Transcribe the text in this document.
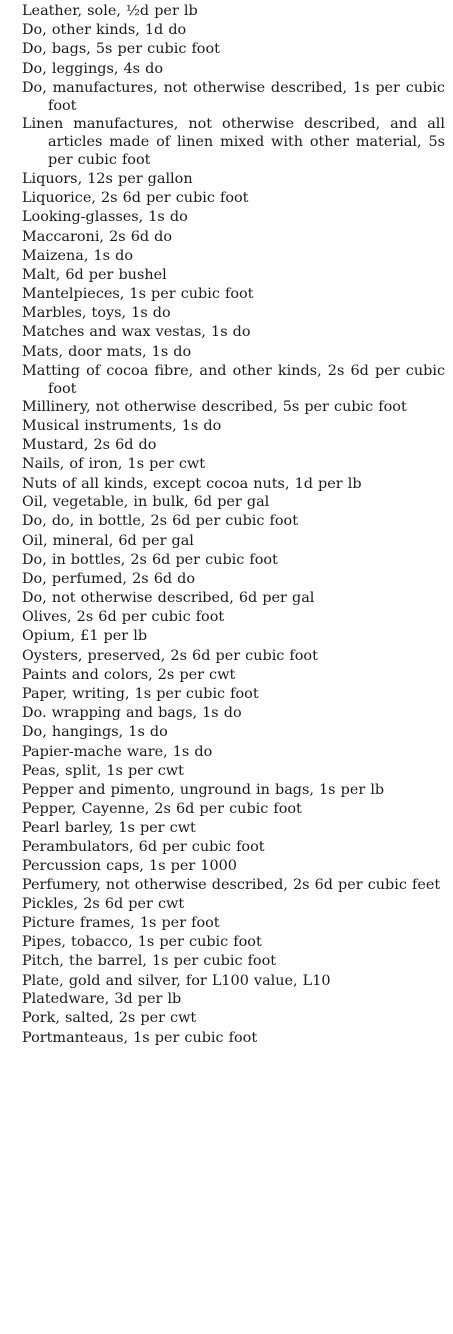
Leather, sole, ½d per lb
Do, other kinds, 1d do
Do, bags, 5s per cubic foot
Do, leggings, 4s do
Do, manufactures, not otherwise described, 1s per cubic foot
Linen manufactures, not otherwise described, and all articles made of linen mixed with other material, 5s per cubic foot
Liquors, 12s per gallon
Liquorice, 2s 6d per cubic foot
Looking-glasses, 1s do
Maccaroni, 2s 6d do
Maizena, 1s do
Malt, 6d per bushel
Mantelpieces, 1s per cubic foot
Marbles, toys, 1s do
Matches and wax vestas, 1s do
Mats, door mats, 1s do
Matting of cocoa fibre, and other kinds, 2s 6d per cubic foot
Millinery, not otherwise described, 5s per cubic foot
Musical instruments, 1s do
Mustard, 2s 6d do
Nails, of iron, 1s per cwt
Nuts of all kinds, except cocoa nuts, 1d per lb
Oil, vegetable, in bulk, 6d per gal
Do, do, in bottle, 2s 6d per cubic foot
Oil, mineral, 6d per gal
Do, in bottles, 2s 6d per cubic foot
Do, perfumed, 2s 6d do
Do, not otherwise described, 6d per gal
Olives, 2s 6d per cubic foot
Opium, £1 per lb
Oysters, preserved, 2s 6d per cubic foot
Paints and colors, 2s per cwt
Paper, writing, 1s per cubic foot
Do. wrapping and bags, 1s do
Do, hangings, 1s do
Papier-mache ware, 1s do
Peas, split, 1s per cwt
Pepper and pimento, unground in bags, 1s per lb
Pepper, Cayenne, 2s 6d per cubic foot
Pearl barley, 1s per cwt
Perambulators, 6d per cubic foot
Percussion caps, 1s per 1000
Perfumery, not otherwise described, 2s 6d per cubic feet
Pickles, 2s 6d per cwt
Picture frames, 1s per foot
Pipes, tobacco, 1s per cubic foot
Pitch, the barrel, 1s per cubic foot
Plate, gold and silver, for L100 value, L10
Platedware, 3d per lb
Pork, salted, 2s per cwt
Portmanteaus, 1s per cubic foot
